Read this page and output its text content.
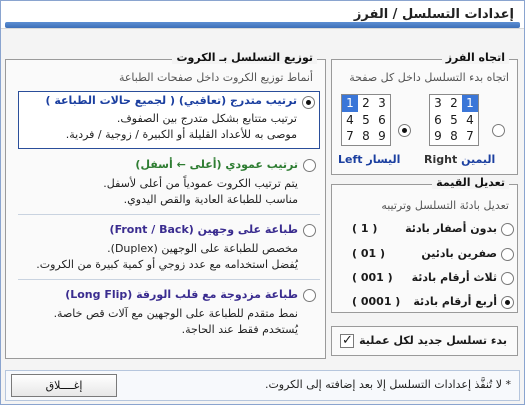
إعدادات التسلسل / الفرز
توزيع التسلسل بـ الكروت
أنماط توزيع الكروت داخل صفحات الطباعة
ترتيب متدرج (تعاقبي) ( لجميع حالات الطباعة )
ترتيب متتابع بشكل متدرج بين الصفوف.
موصى به للأعداد القليلة أو الكبيرة / زوجية / فردية.
ترتيب عمودي (أعلى ← أسفل)
يتم ترتيب الكروت عمودياً من أعلى لأسفل.
مناسب للطباعة العادية والقص اليدوي.
طباعة على وجهين (Front / Back)
مخصص للطباعة على الوجهين (Duplex).
يُفضل استخدامه مع عدد زوجي أو كمية كبيرة من الكروت.
طباعة مزدوجة مع قلب الورقة (Long Flip)
نمط متقدم للطباعة على الوجهين مع آلات قص خاصة.
يُستخدم فقط عند الحاجة.
اتجاه الفرز
اتجاه بدء التسلسل داخل كل صفحة
3 2 1
6 5 4
9 8 7
Right اليمين
1 2 3
4 5 6
7 8 9
Left اليسار
تعديل القيمة
تعديل بادئة التسلسل وترتيبه
بدون أصفار بادئة
( 1 )
صفرين بادئين
( 01 )
ثلاث أرقام بادئة
( 001 )
أربع أرقام بادئة
( 0001 )
✓
بدء تسلسل جديد لكل عملية
إغــــلاق	* لا تُنفَّذ إعدادات التسلسل إلا بعد إضافته إلى الكروت.
